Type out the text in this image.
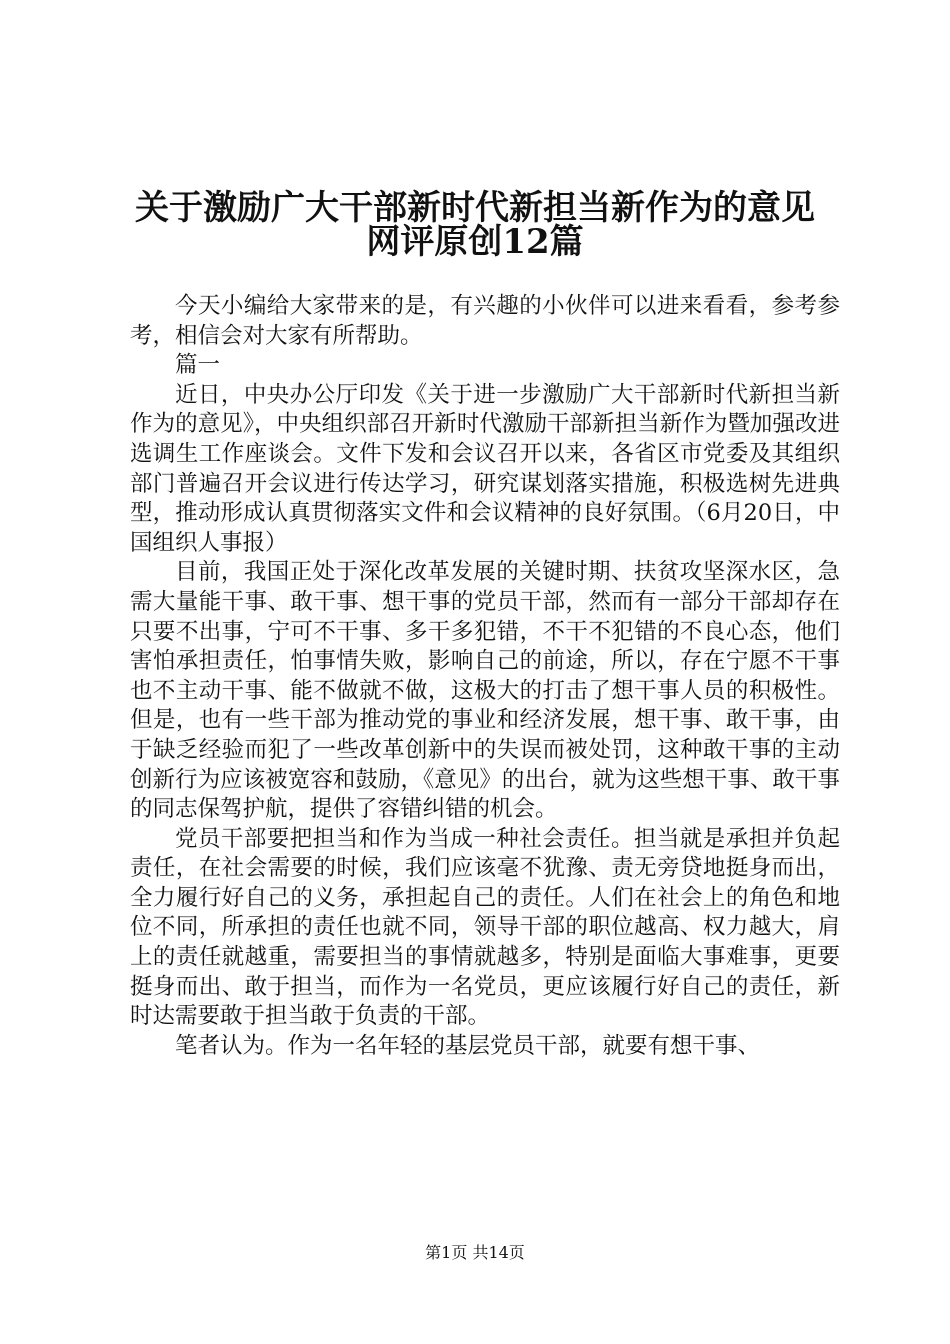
关于激励广大干部新时代新担当新作为的意见
网评原创12篇

今天小编给大家带来的是，有兴趣的小伙伴可以进来看看，参考参考，相信会对大家有所帮助。

篇一

近日，中央办公厅印发《关于进一步激励广大干部新时代新担当新作为的意见》，中央组织部召开新时代激励干部新担当新作为暨加强改进选调生工作座谈会。文件下发和会议召开以来，各省区市党委及其组织部门普遍召开会议进行传达学习，研究谋划落实措施，积极选树先进典型，推动形成认真贯彻落实文件和会议精神的良好氛围。（6月20日，中国组织人事报）

目前，我国正处于深化改革发展的关键时期、扶贫攻坚深水区，急需大量能干事、敢干事、想干事的党员干部，然而有一部分干部却存在只要不出事，宁可不干事、多干多犯错，不干不犯错的不良心态，他们害怕承担责任，怕事情失败，影响自己的前途，所以，存在宁愿不干事也不主动干事、能不做就不做，这极大的打击了想干事人员的积极性。但是，也有一些干部为推动党的事业和经济发展，想干事、敢干事，由于缺乏经验而犯了一些改革创新中的失误而被处罚，这种敢干事的主动创新行为应该被宽容和鼓励，《意见》的出台，就为这些想干事、敢干事的同志保驾护航，提供了容错纠错的机会。

党员干部要把担当和作为当成一种社会责任。担当就是承担并负起责任，在社会需要的时候，我们应该毫不犹豫、责无旁贷地挺身而出，全力履行好自己的义务，承担起自己的责任。人们在社会上的角色和地位不同，所承担的责任也就不同，领导干部的职位越高、权力越大，肩上的责任就越重，需要担当的事情就越多，特别是面临大事难事，更要挺身而出、敢于担当，而作为一名党员，更应该履行好自己的责任，新时达需要敢于担当敢于负责的干部。

笔者认为。作为一名年轻的基层党员干部，就要有想干事、

第1页 共14页
